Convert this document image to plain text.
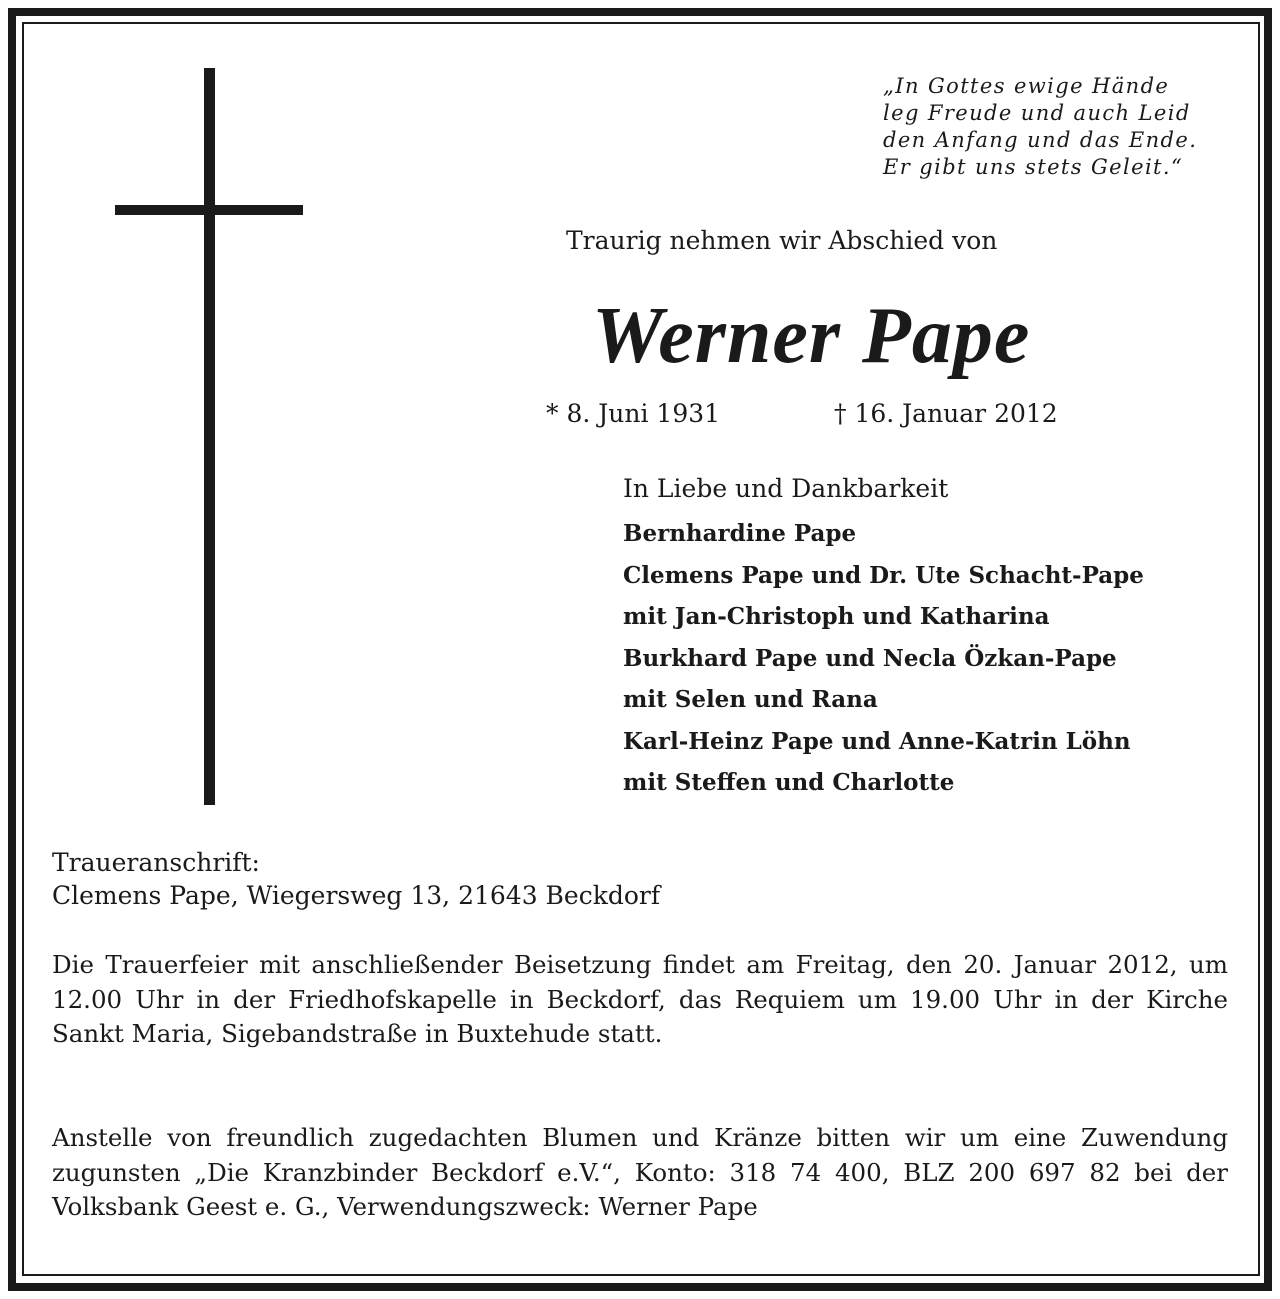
„In Gottes ewige Hände
leg Freude und auch Leid
den Anfang und das Ende.
Er gibt uns stets Geleit.“

Traurig nehmen wir Abschied von

Werner Pape

* 8. Juni 1931	† 16. Januar 2012

In Liebe und Dankbarkeit

Bernhardine Pape
Clemens Pape und Dr. Ute Schacht-Pape
mit Jan-Christoph und Katharina
Burkhard Pape und Necla Özkan-Pape
mit Selen und Rana
Karl-Heinz Pape und Anne-Katrin Löhn
mit Steffen und Charlotte

Traueranschrift:
Clemens Pape, Wiegersweg 13, 21643 Beckdorf

Die Trauerfeier mit anschließender Beisetzung findet am Freitag, den 20. Januar 2012, um 12.00 Uhr in der Friedhofskapelle in Beckdorf, das Requiem um 19.00 Uhr in der Kirche Sankt Maria, Sigebandstraße in Buxtehude statt.

Anstelle von freundlich zugedachten Blumen und Kränze bitten wir um eine Zuwendung zugunsten „Die Kranzbinder Beckdorf e.V.“, Konto: 318 74 400, BLZ 200 697 82 bei der Volksbank Geest e. G., Verwendungszweck: Werner Pape
